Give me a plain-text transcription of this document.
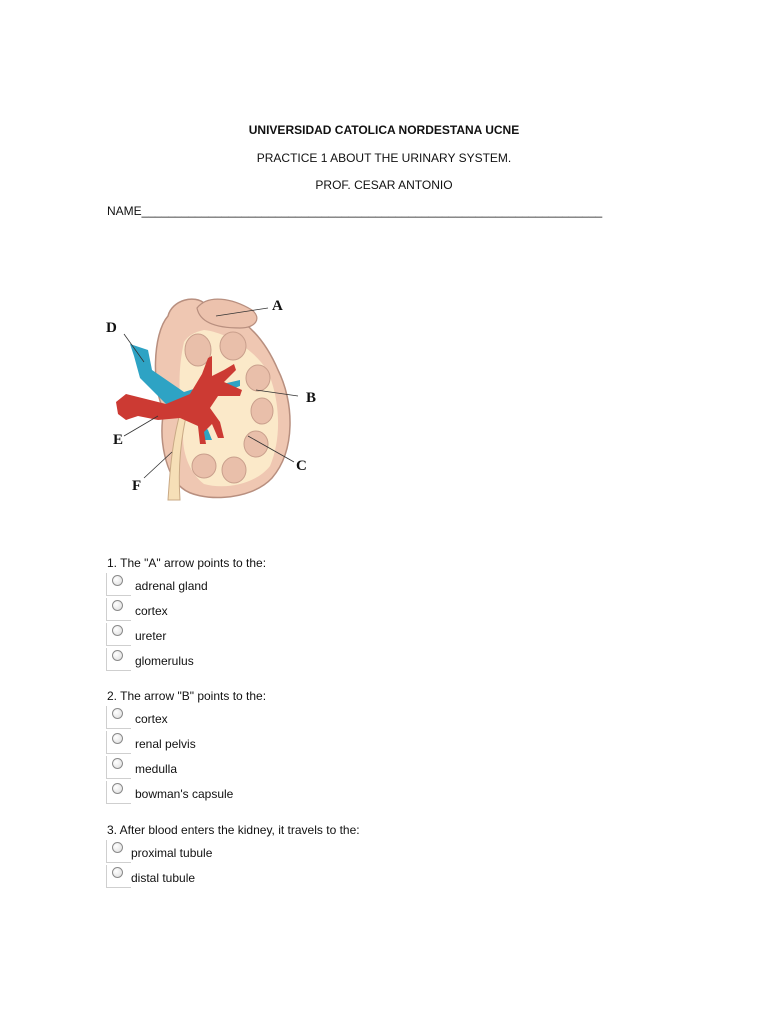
UNIVERSIDAD CATOLICA NORDESTANA UCNE
PRACTICE 1 ABOUT THE URINARY SYSTEM.
PROF. CESAR ANTONIO
NAME_____________________________________________________________________
A
D
B
E
C
F
1. The "A" arrow points to the:
adrenal gland
cortex
ureter
glomerulus
2. The arrow "B" points to the:
cortex
renal pelvis
medulla
bowman's capsule
3. After blood enters the kidney, it travels to the:
proximal tubule
distal tubule
